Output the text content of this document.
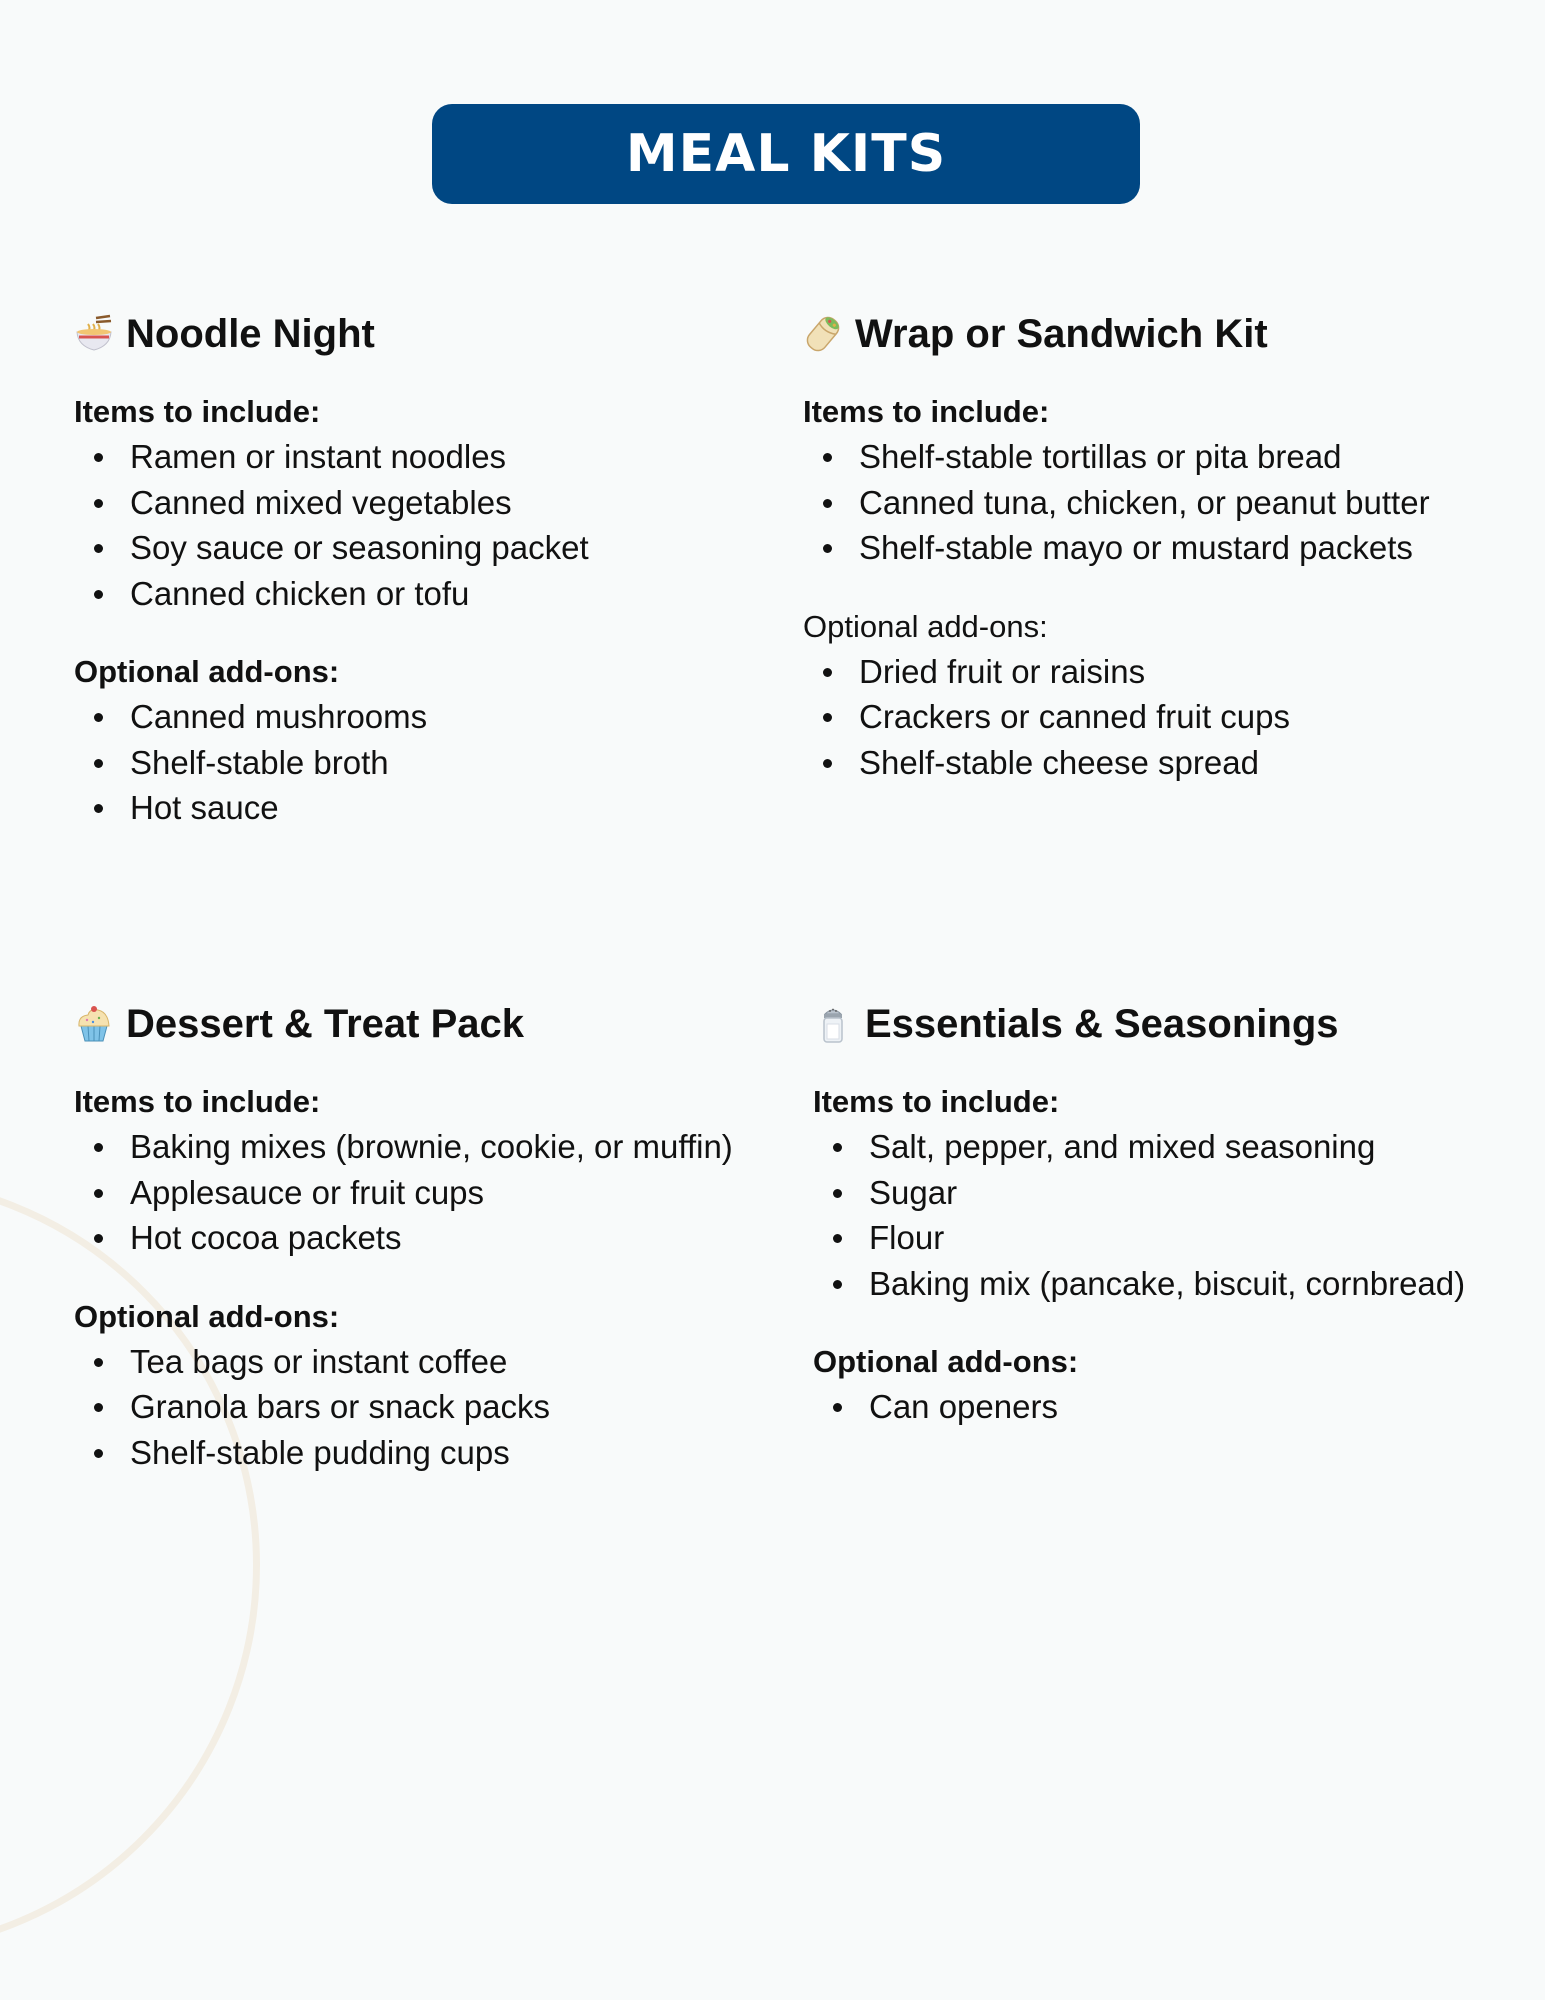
MEAL KITS
Noodle Night
Items to include:
Ramen or instant noodles
Canned mixed vegetables
Soy sauce or seasoning packet
Canned chicken or tofu
Optional add-ons:
Canned mushrooms
Shelf-stable broth
Hot sauce
Wrap or Sandwich Kit
Items to include:
Shelf-stable tortillas or pita bread
Canned tuna, chicken, or peanut butter
Shelf-stable mayo or mustard packets
Optional add-ons:
Dried fruit or raisins
Crackers or canned fruit cups
Shelf-stable cheese spread
Dessert & Treat Pack
Items to include:
Baking mixes (brownie, cookie, or muffin)
Applesauce or fruit cups
Hot cocoa packets
Optional add-ons:
Tea bags or instant coffee
Granola bars or snack packs
Shelf-stable pudding cups
Essentials & Seasonings
Items to include:
Salt, pepper, and mixed seasoning
Sugar
Flour
Baking mix (pancake, biscuit, cornbread)
Optional add-ons:
Can openers
